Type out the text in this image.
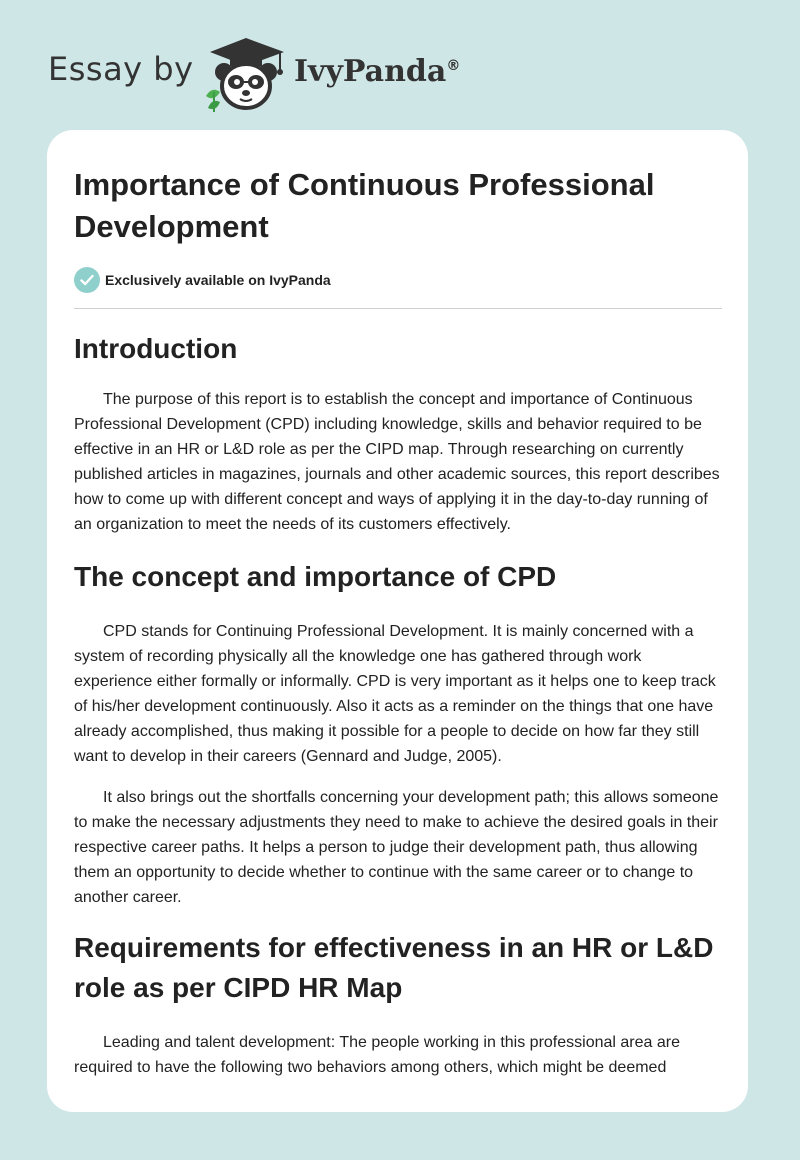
Essay by	IvyPanda®
Importance of Continuous Professional Development
Exclusively available on IvyPanda
Introduction

The purpose of this report is to establish the concept and importance of Continuous Professional Development (CPD) including knowledge, skills and behavior required to be effective in an HR or L&D role as per the CIPD map. Through researching on currently published articles in magazines, journals and other academic sources, this report describes how to come up with different concept and ways of applying it in the day-to-day running of an organization to meet the needs of its customers effectively.

The concept and importance of CPD

CPD stands for Continuing Professional Development. It is mainly concerned with a system of recording physically all the knowledge one has gathered through work experience either formally or informally. CPD is very important as it helps one to keep track of his/her development continuously. Also it acts as a reminder on the things that one have already accomplished, thus making it possible for a people to decide on how far they still want to develop in their careers (Gennard and Judge, 2005).

It also brings out the shortfalls concerning your development path; this allows someone to make the necessary adjustments they need to make to achieve the desired goals in their respective career paths. It helps a person to judge their development path, thus allowing them an opportunity to decide whether to continue with the same career or to change to another career.

Requirements for effectiveness in an HR or L&D role as per CIPD HR Map

Leading and talent development: The people working in this professional area are required to have the following two behaviors among others, which might be deemed
